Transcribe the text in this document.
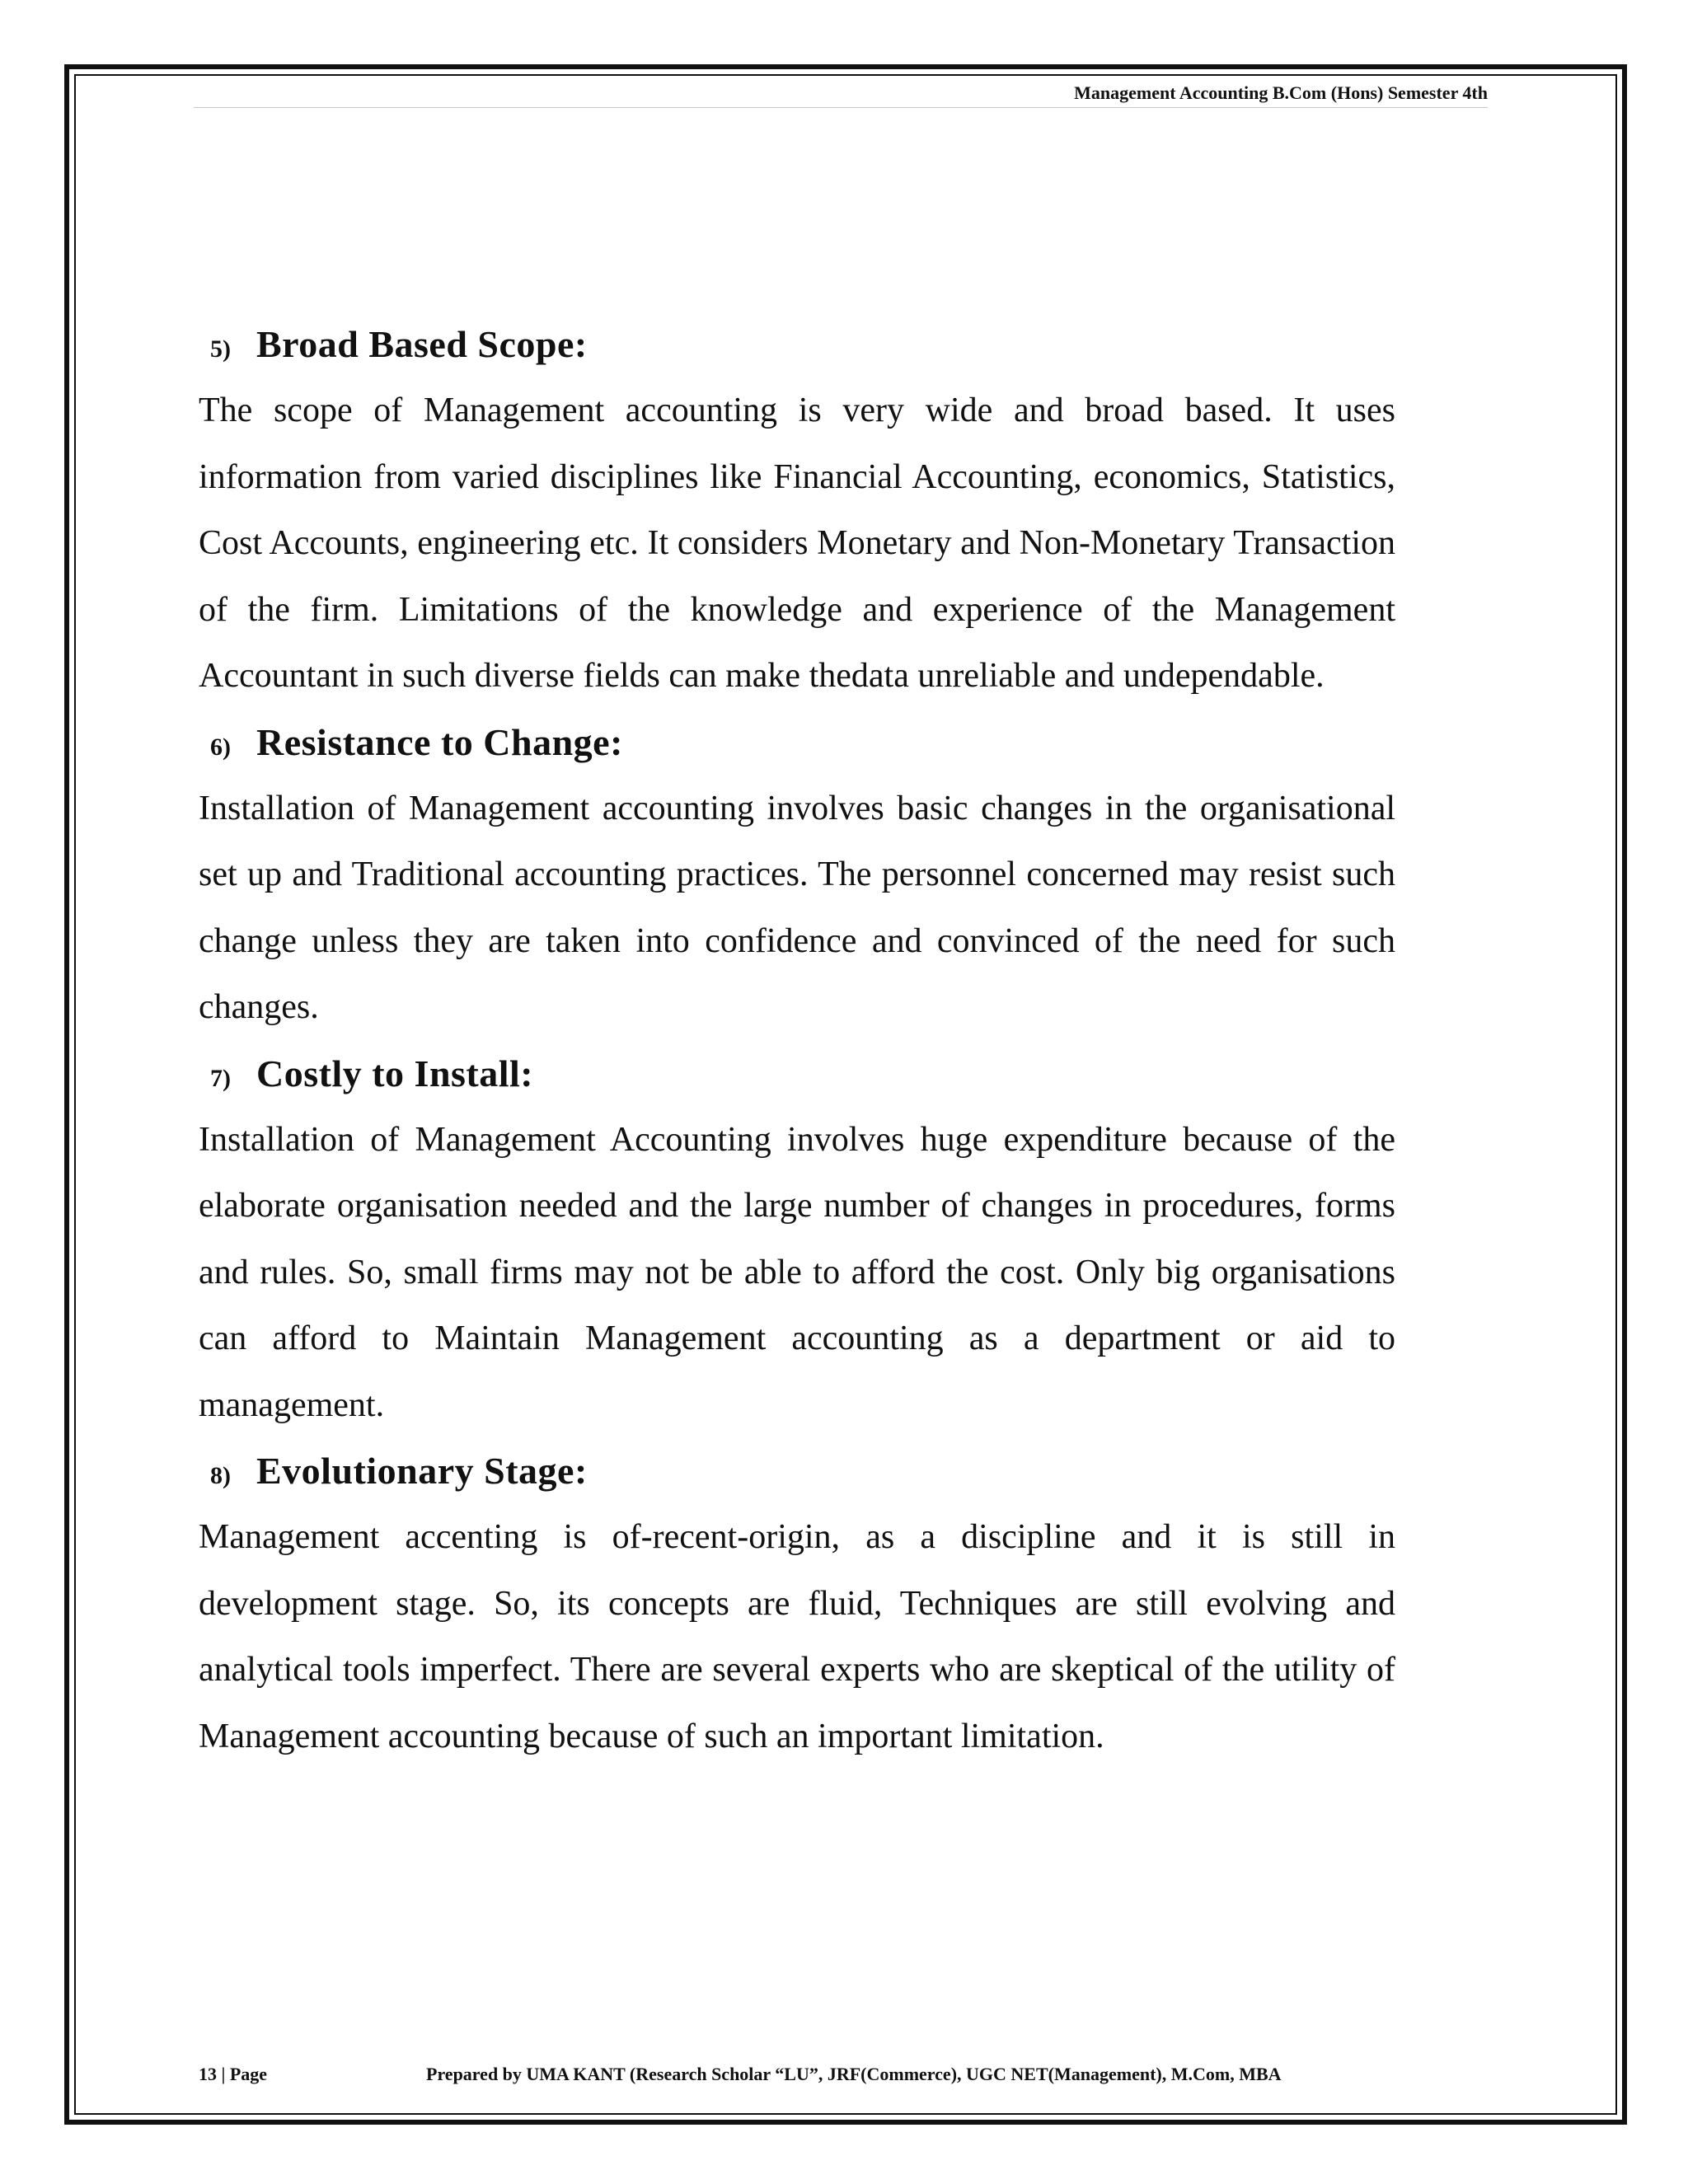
Management Accounting B.Com (Hons) Semester 4th
5) Broad Based Scope:

The scope of Management accounting is very wide and broad based. It uses information from varied disciplines like Financial Accounting, economics, Statistics, Cost Accounts, engineering etc. It considers Monetary and Non-Monetary Transaction of the firm. Limitations of the knowledge and experience of the Management Accountant in such diverse fields can make thedata unreliable and undependable.

6) Resistance to Change:

Installation of Management accounting involves basic changes in the organisational set up and Traditional accounting practices. The personnel concerned may resist such change unless they are taken into confidence and convinced of the need for such changes.

7) Costly to Install:

Installation of Management Accounting involves huge expenditure because of the elaborate organisation needed and the large number of changes in procedures, forms and rules. So, small firms may not be able to afford the cost. Only big organisations can afford to Maintain Management accounting as a department or aid to management.

8) Evolutionary Stage:

Management accenting is of-recent-origin, as a discipline and it is still in development stage. So, its concepts are fluid, Techniques are still evolving and analytical tools imperfect. There are several experts who are skeptical of the utility of Management accounting because of such an important limitation.

13 | Page	Prepared by UMA KANT (Research Scholar “LU”, JRF(Commerce), UGC NET(Management), M.Com, MBA
